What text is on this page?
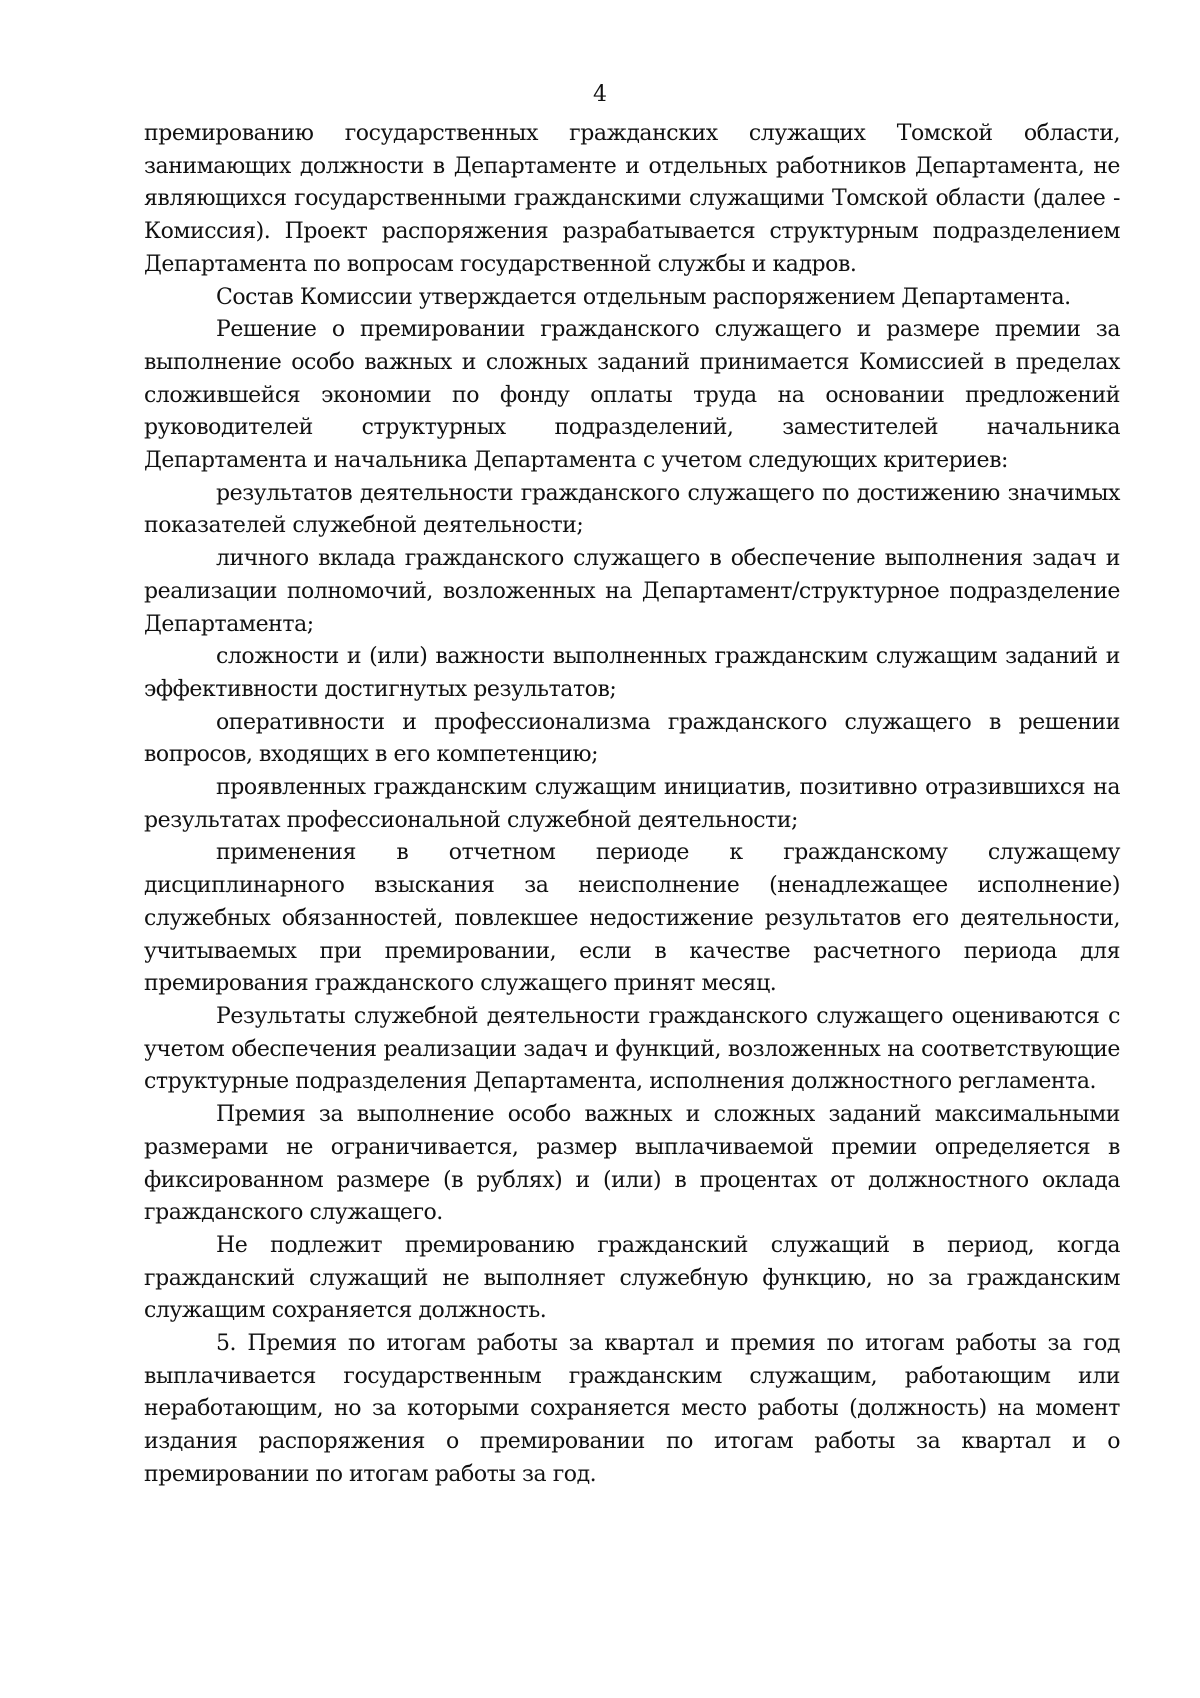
4

премированию государственных гражданских служащих Томской области, занимающих должности в Департаменте и отдельных работников Департамента, не являющихся государственными гражданскими служащими Томской области (далее - Комиссия). Проект распоряжения разрабатывается структурным подразделением Департамента по вопросам государственной службы и кадров.

Состав Комиссии утверждается отдельным распоряжением Департамента.

Решение о премировании гражданского служащего и размере премии за выполнение особо важных и сложных заданий принимается Комиссией в пределах сложившейся экономии по фонду оплаты труда на основании предложений руководителей структурных подразделений, заместителей начальника Департамента и начальника Департамента с учетом следующих критериев:

результатов деятельности гражданского служащего по достижению значимых показателей служебной деятельности;

личного вклада гражданского служащего в обеспечение выполнения задач и реализации полномочий, возложенных на Департамент/структурное подразделение Департамента;

сложности и (или) важности выполненных гражданским служащим заданий и эффективности достигнутых результатов;

оперативности и профессионализма гражданского служащего в решении вопросов, входящих в его компетенцию;

проявленных гражданским служащим инициатив, позитивно отразившихся на результатах профессиональной служебной деятельности;

применения в отчетном периоде к гражданскому служащему дисциплинарного взыскания за неисполнение (ненадлежащее исполнение) служебных обязанностей, повлекшее недостижение результатов его деятельности, учитываемых при премировании, если в качестве расчетного периода для премирования гражданского служащего принят месяц.

Результаты служебной деятельности гражданского служащего оцениваются с учетом обеспечения реализации задач и функций, возложенных на соответствующие структурные подразделения Департамента, исполнения должностного регламента.

Премия за выполнение особо важных и сложных заданий максимальными размерами не ограничивается, размер выплачиваемой премии определяется в фиксированном размере (в рублях) и (или) в процентах от должностного оклада гражданского служащего.

Не подлежит премированию гражданский служащий в период, когда гражданский служащий не выполняет служебную функцию, но за гражданским служащим сохраняется должность.

5. Премия по итогам работы за квартал и премия по итогам работы за год выплачивается государственным гражданским служащим, работающим или неработающим, но за которыми сохраняется место работы (должность) на момент издания распоряжения о премировании по итогам работы за квартал и о премировании по итогам работы за год.
